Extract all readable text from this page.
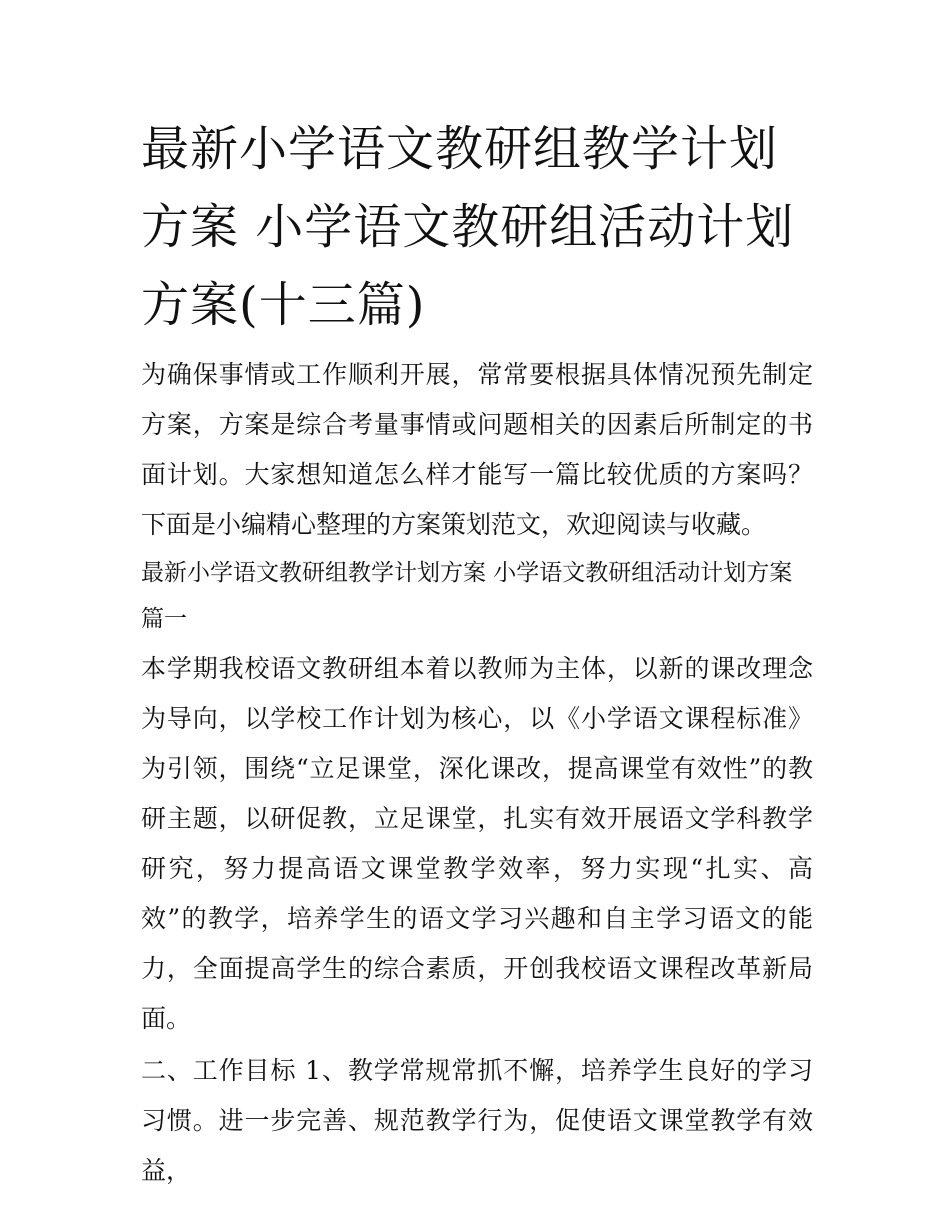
最新小学语文教研组教学计划方案 小学语文教研组活动计划方案(十三篇)

为确保事情或工作顺利开展，常常要根据具体情况预先制定方案，方案是综合考量事情或问题相关的因素后所制定的书面计划。大家想知道怎么样才能写一篇比较优质的方案吗？下面是小编精心整理的方案策划范文，欢迎阅读与收藏。

最新小学语文教研组教学计划方案 小学语文教研组活动计划方案篇一

本学期我校语文教研组本着以教师为主体，以新的课改理念为导向，以学校工作计划为核心，以《小学语文课程标准》为引领，围绕“立足课堂，深化课改，提高课堂有效性”的教研主题，以研促教，立足课堂，扎实有效开展语文学科教学研究，努力提高语文课堂教学效率，努力实现“扎实、高效”的教学，培养学生的语文学习兴趣和自主学习语文的能力，全面提高学生的综合素质，开创我校语文课程改革新局面。

二、工作目标 1、教学常规常抓不懈，培养学生良好的学习习惯。进一步完善、规范教学行为，促使语文课堂教学有效益，
